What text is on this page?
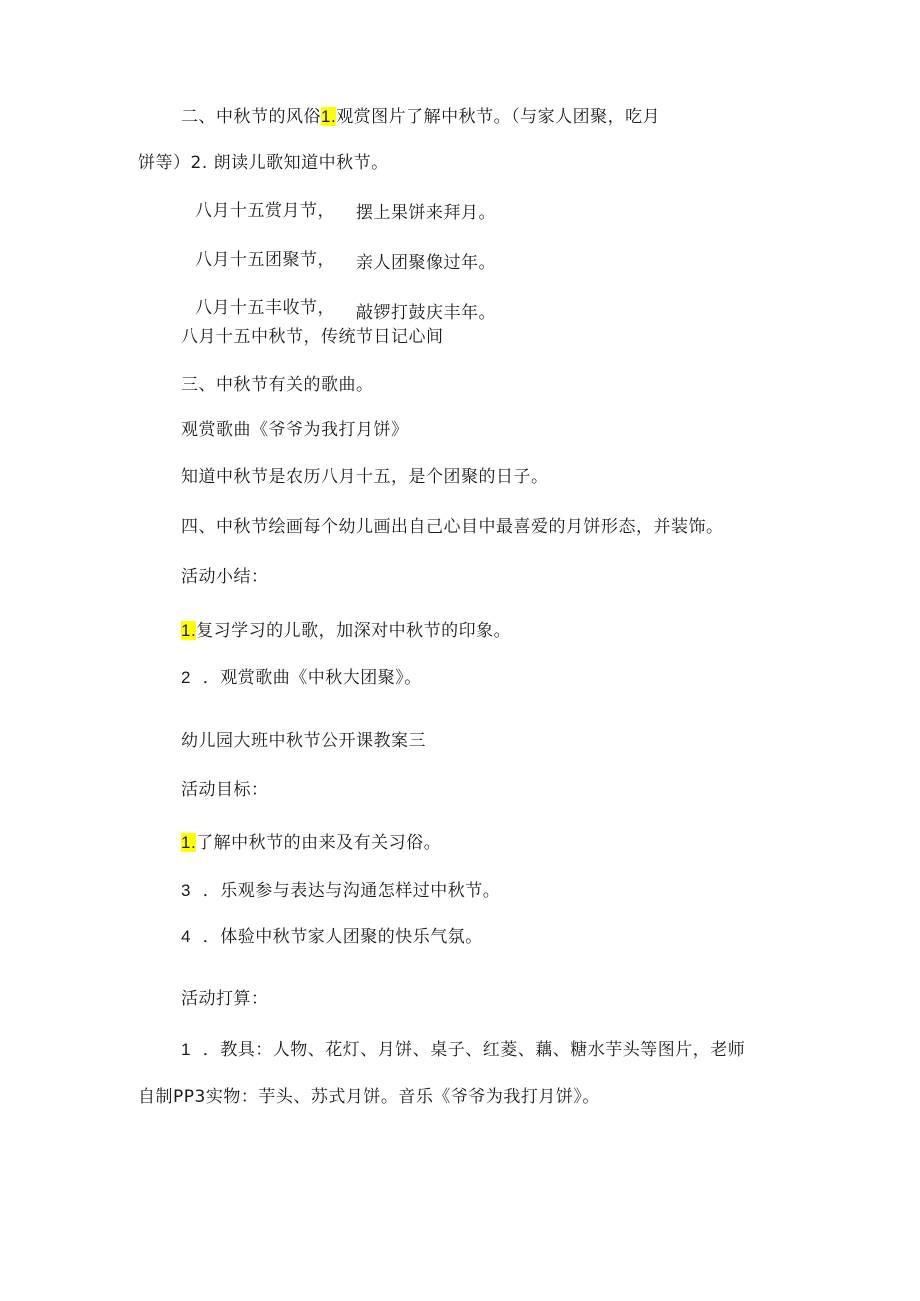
二、中秋节的风俗1.观赏图片了解中秋节。（与家人团聚，吃月
饼等）2. 朗读儿歌知道中秋节。
八月十五赏月节， 摆上果饼来拜月。
八月十五团聚节， 亲人团聚像过年。
八月十五丰收节， 敲锣打鼓庆丰年。
八月十五中秋节，传统节日记心间
三、中秋节有关的歌曲。
观赏歌曲《爷爷为我打月饼》
知道中秋节是农历八月十五，是个团聚的日子。
四、中秋节绘画每个幼儿画出自己心目中最喜爱的月饼形态，并装饰。
活动小结：
1.复习学习的儿歌，加深对中秋节的印象。
2 ．观赏歌曲《中秋大团聚》。
幼儿园大班中秋节公开课教案三
活动目标：
1.了解中秋节的由来及有关习俗。
3 ．乐观参与表达与沟通怎样过中秋节。
4 ．体验中秋节家人团聚的快乐气氛。
活动打算：
1 ．教具：人物、花灯、月饼、桌子、红菱、藕、糖水芋头等图片，老师
自制PP3实物：芋头、苏式月饼。音乐《爷爷为我打月饼》。
